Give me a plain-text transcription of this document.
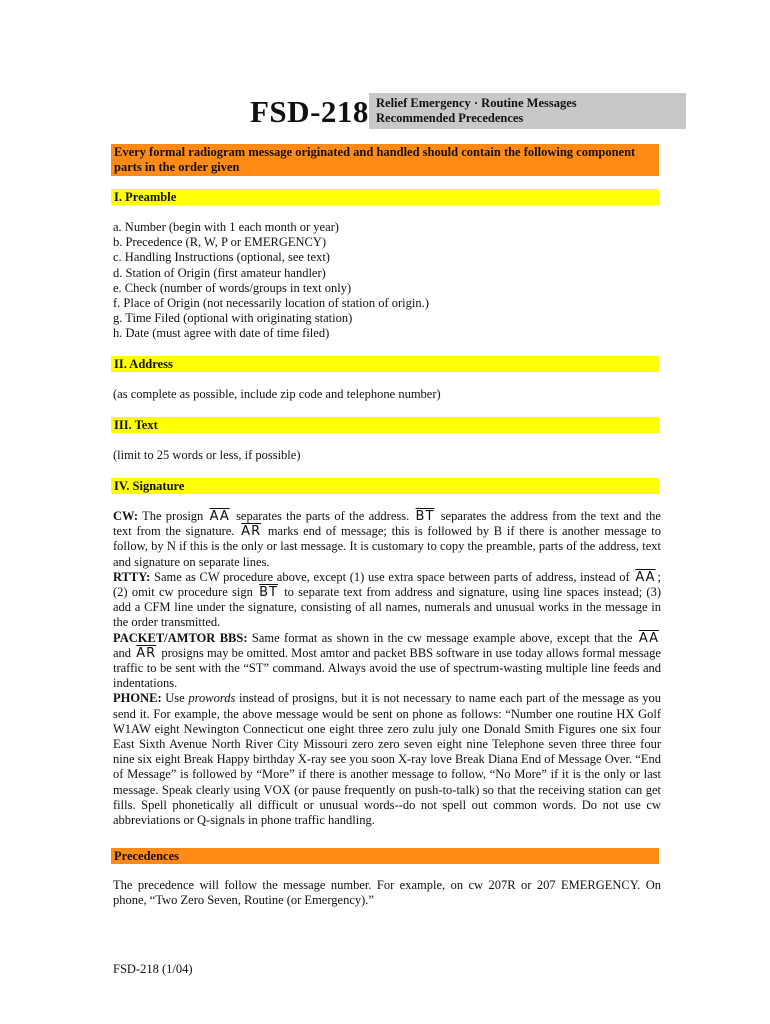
FSD-218 Relief Emergency · Routine Messages
Recommended Precedences
Every formal radiogram message originated and handled should contain the following component parts in the order given
I. Preamble
a. Number (begin with 1 each month or year)
b. Precedence (R, W, P or EMERGENCY)
c. Handling Instructions (optional, see text)
d. Station of Origin (first amateur handler)
e. Check (number of words/groups in text only)
f. Place of Origin (not necessarily location of station of origin.)
g. Time Filed (optional with originating station)
h. Date (must agree with date of time filed)
II. Address
(as complete as possible, include zip code and telephone number)
III. Text
(limit to 25 words or less, if possible)
IV. Signature

CW: The prosign $\overline{AA}$ separates the parts of the address. $\overline{BT}$ separates the address from the text and the text from the signature. $\overline{AR}$ marks end of message; this is followed by B if there is another message to follow, by N if this is the only or last message. It is customary to copy the preamble, parts of the address, text and signature on separate lines.

RTTY: Same as CW procedure above, except (1) use extra space between parts of address, instead of $\overline{AA}$ ; (2) omit cw procedure sign $\overline{BT}$ to separate text from address and signature, using line spaces instead; (3) add a CFM line under the signature, consisting of all names, numerals and unusual works in the message in the order transmitted.

PACKET/AMTOR BBS: Same format as shown in the cw message example above, except that the $\overline{AA}$ and $\overline{AR}$ prosigns may be omitted. Most amtor and packet BBS software in use today allows formal message traffic to be sent with the “ST” command. Always avoid the use of spectrum-wasting multiple line feeds and indentations.

PHONE: Use prowords instead of prosigns, but it is not necessary to name each part of the message as you send it. For example, the above message would be sent on phone as follows: “Number one routine HX Golf W1AW eight Newington Connecticut one eight three zero zulu july one Donald Smith Figures one six four East Sixth Avenue North River City Missouri zero zero seven eight nine Telephone seven three three four nine six eight Break Happy birthday X-ray see you soon X-ray love Break Diana End of Message Over. “End of Message” is followed by “More” if there is another message to follow, “No More” if it is the only or last message. Speak clearly using VOX (or pause frequently on push-to-talk) so that the receiving station can get fills. Spell phonetically all difficult or unusual words--do not spell out common words. Do not use cw abbreviations or Q-signals in phone traffic handling.

Precedences
The precedence will follow the message number. For example, on cw 207R or 207 EMERGENCY. On phone, “Two Zero Seven, Routine (or Emergency).”
FSD-218 (1/04)
